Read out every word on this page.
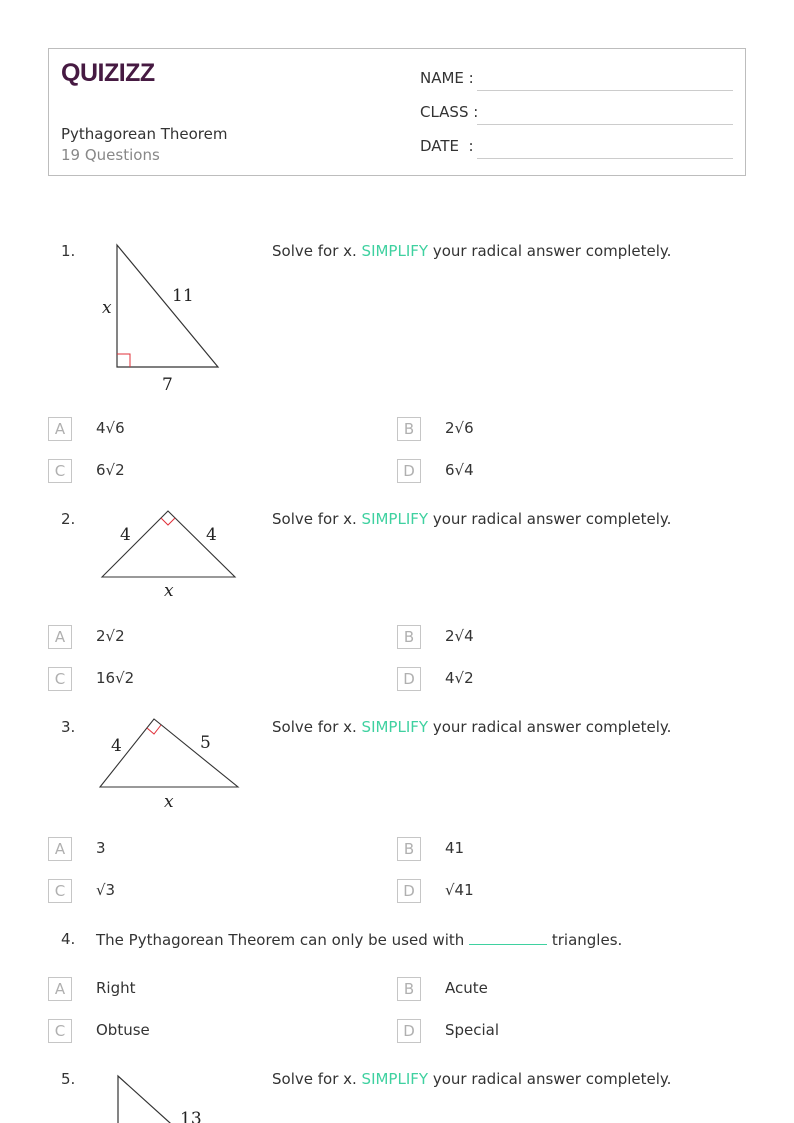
QUIZIZZ
Pythagorean Theorem
19 Questions
NAME :
CLASS :
DATE  :
x
11
7
4	4
x
4	5
x
13
1.	Solve for x. SIMPLIFY your radical answer completely.
2.	Solve for x. SIMPLIFY your radical answer completely.
3.	Solve for x. SIMPLIFY your radical answer completely.
4. The Pythagorean Theorem can only be used with	triangles.
5.	Solve for x. SIMPLIFY your radical answer completely.
A	4√6	B	2√6
C	6√2	D	6√4
A	2√2	B	2√4
C	16√2	D	4√2
A	3	B	41
C	√3	D	√41
A	Right	B	Acute
C	Obtuse	D	Special
